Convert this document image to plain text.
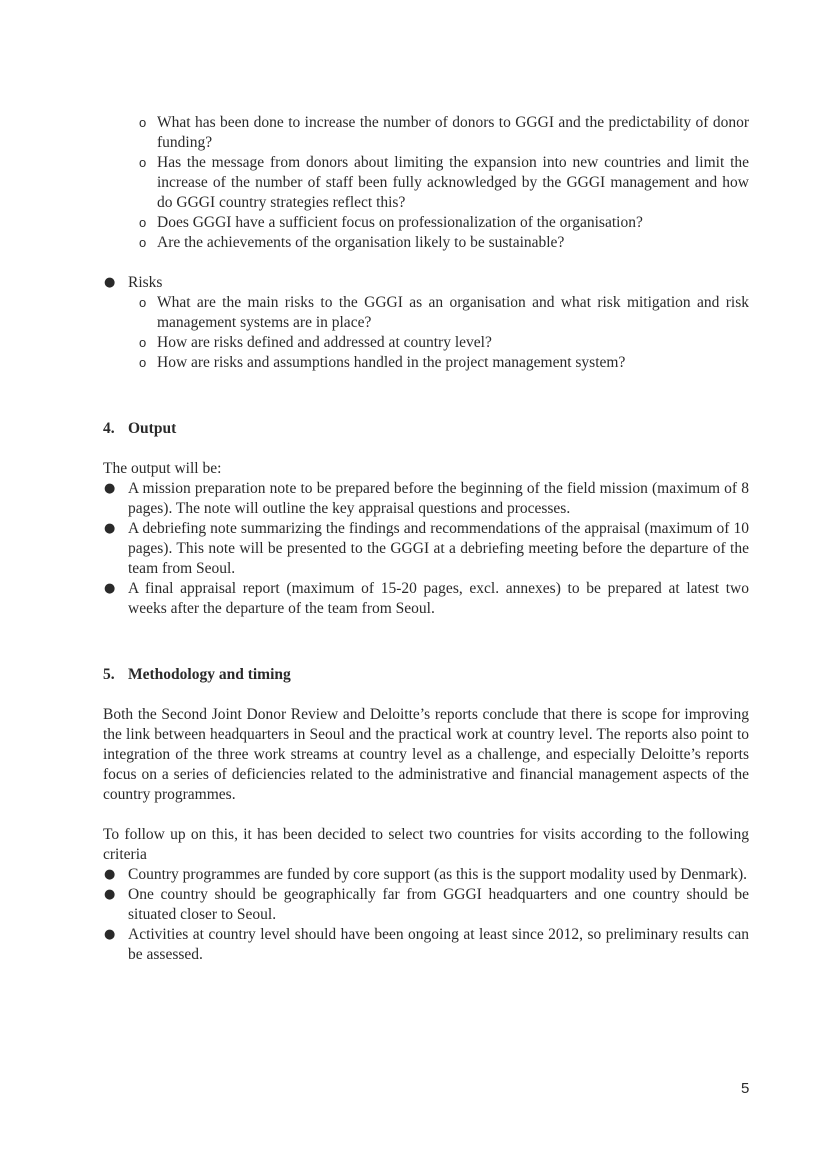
o What has been done to increase the number of donors to GGGI and the predictability of donor funding?
o Has the message from donors about limiting the expansion into new countries and limit the increase of the number of staff been fully acknowledged by the GGGI management and how do GGGI country strategies reflect this?
o Does GGGI have a sufficient focus on professionalization of the organisation?
o Are the achievements of the organisation likely to be sustainable?
● Risks
o What are the main risks to the GGGI as an organisation and what risk mitigation and risk management systems are in place?
o How are risks defined and addressed at country level?
o How are risks and assumptions handled in the project management system?
4. Output

The output will be:

● A mission preparation note to be prepared before the beginning of the field mission (maximum of 8 pages). The note will outline the key appraisal questions and processes.
● A debriefing note summarizing the findings and recommendations of the appraisal (maximum of 10 pages). This note will be presented to the GGGI at a debriefing meeting before the departure of the team from Seoul.
● A final appraisal report (maximum of 15-20 pages, excl. annexes) to be prepared at latest two weeks after the departure of the team from Seoul.
5. Methodology and timing

Both the Second Joint Donor Review and Deloitte’s reports conclude that there is scope for improving the link between headquarters in Seoul and the practical work at country level. The reports also point to integration of the three work streams at country level as a challenge, and especially Deloitte’s reports focus on a series of deficiencies related to the administrative and financial management aspects of the country programmes.

To follow up on this, it has been decided to select two countries for visits according to the following criteria

● Country programmes are funded by core support (as this is the support modality used by Denmark).
● One country should be geographically far from GGGI headquarters and one country should be situated closer to Seoul.
● Activities at country level should have been ongoing at least since 2012, so preliminary results can be assessed.
5
